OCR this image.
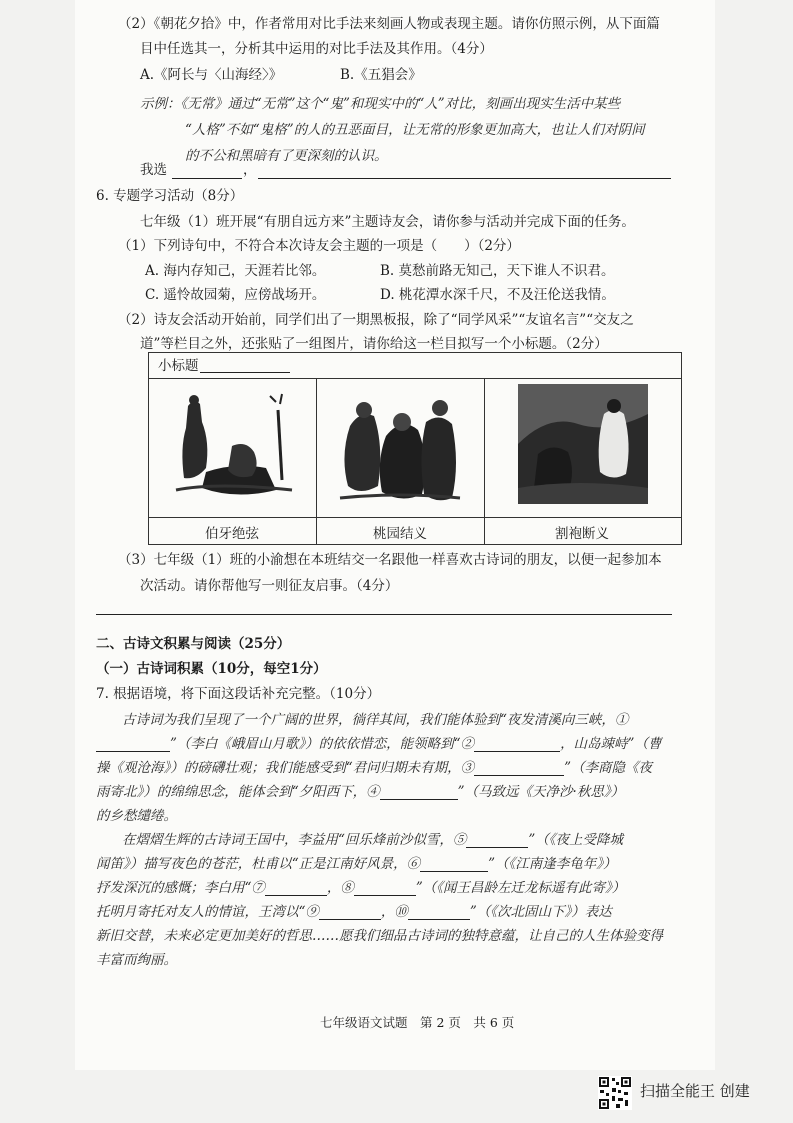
（2）《朝花夕拾》中，作者常用对比手法来刻画人物或表现主题。请你仿照示例，从下面篇
目中任选其一，分析其中运用的对比手法及其作用。（4分）
A.《阿长与〈山海经〉》	B.《五猖会》
示例：《无常》通过“无常”这个“鬼”和现实中的“人”对比，刻画出现实生活中某些
“人格”不如“鬼格”的人的丑恶面目，让无常的形象更加高大，也让人们对阴间
的不公和黑暗有了更深刻的认识。
我选	，
6. 专题学习活动（8分）
七年级（1）班开展“有朋自远方来”主题诗友会，请你参与活动并完成下面的任务。
（1）下列诗句中，不符合本次诗友会主题的一项是（　　）（2分）
A. 海内存知己，天涯若比邻。	B. 莫愁前路无知己，天下谁人不识君。
C. 遥怜故园菊，应傍战场开。	D. 桃花潭水深千尺，不及汪伦送我情。
（2）诗友会活动开始前，同学们出了一期黑板报，除了“同学风采”“友谊名言”“交友之
道”等栏目之外，还张贴了一组图片，请你给这一栏目拟写一个小标题。（2分）
小标题
伯牙绝弦	桃园结义	割袍断义
（3）七年级（1）班的小渝想在本班结交一名跟他一样喜欢古诗词的朋友，以便一起参加本
次活动。请你帮他写一则征友启事。（4分）
二、古诗文积累与阅读（25分）
（一）古诗词积累（10分，每空1分）
7. 根据语境，将下面这段话补充完整。（10分）
古诗词为我们呈现了一个广阔的世界，徜徉其间，我们能体验到“夜发清溪向三峡，①
”（李白《峨眉山月歌》）的依依惜恋，能领略到“②	，山岛竦峙”（曹
操《观沧海》）的磅礴壮观；我们能感受到“君问归期未有期，③	”（李商隐《夜
雨寄北》）的绵绵思念，能体会到“夕阳西下，④	”（马致远《天净沙·秋思》）
的乡愁缱绻。
在熠熠生辉的古诗词王国中，李益用“回乐烽前沙似雪，⑤	”（《夜上受降城
闻笛》）描写夜色的苍茫，杜甫以“正是江南好风景，⑥	”（《江南逢李龟年》）
抒发深沉的感慨；李白用“⑦	，⑧	”（《闻王昌龄左迁龙标遥有此寄》）
托明月寄托对友人的情谊，王湾以“⑨	，⑩	”（《次北固山下》）表达
新旧交替，未来必定更加美好的哲思……愿我们细品古诗词的独特意蕴，让自己的人生体验变得
丰富而绚丽。
七年级语文试题　第 2 页　共 6 页
扫描全能王 创建
